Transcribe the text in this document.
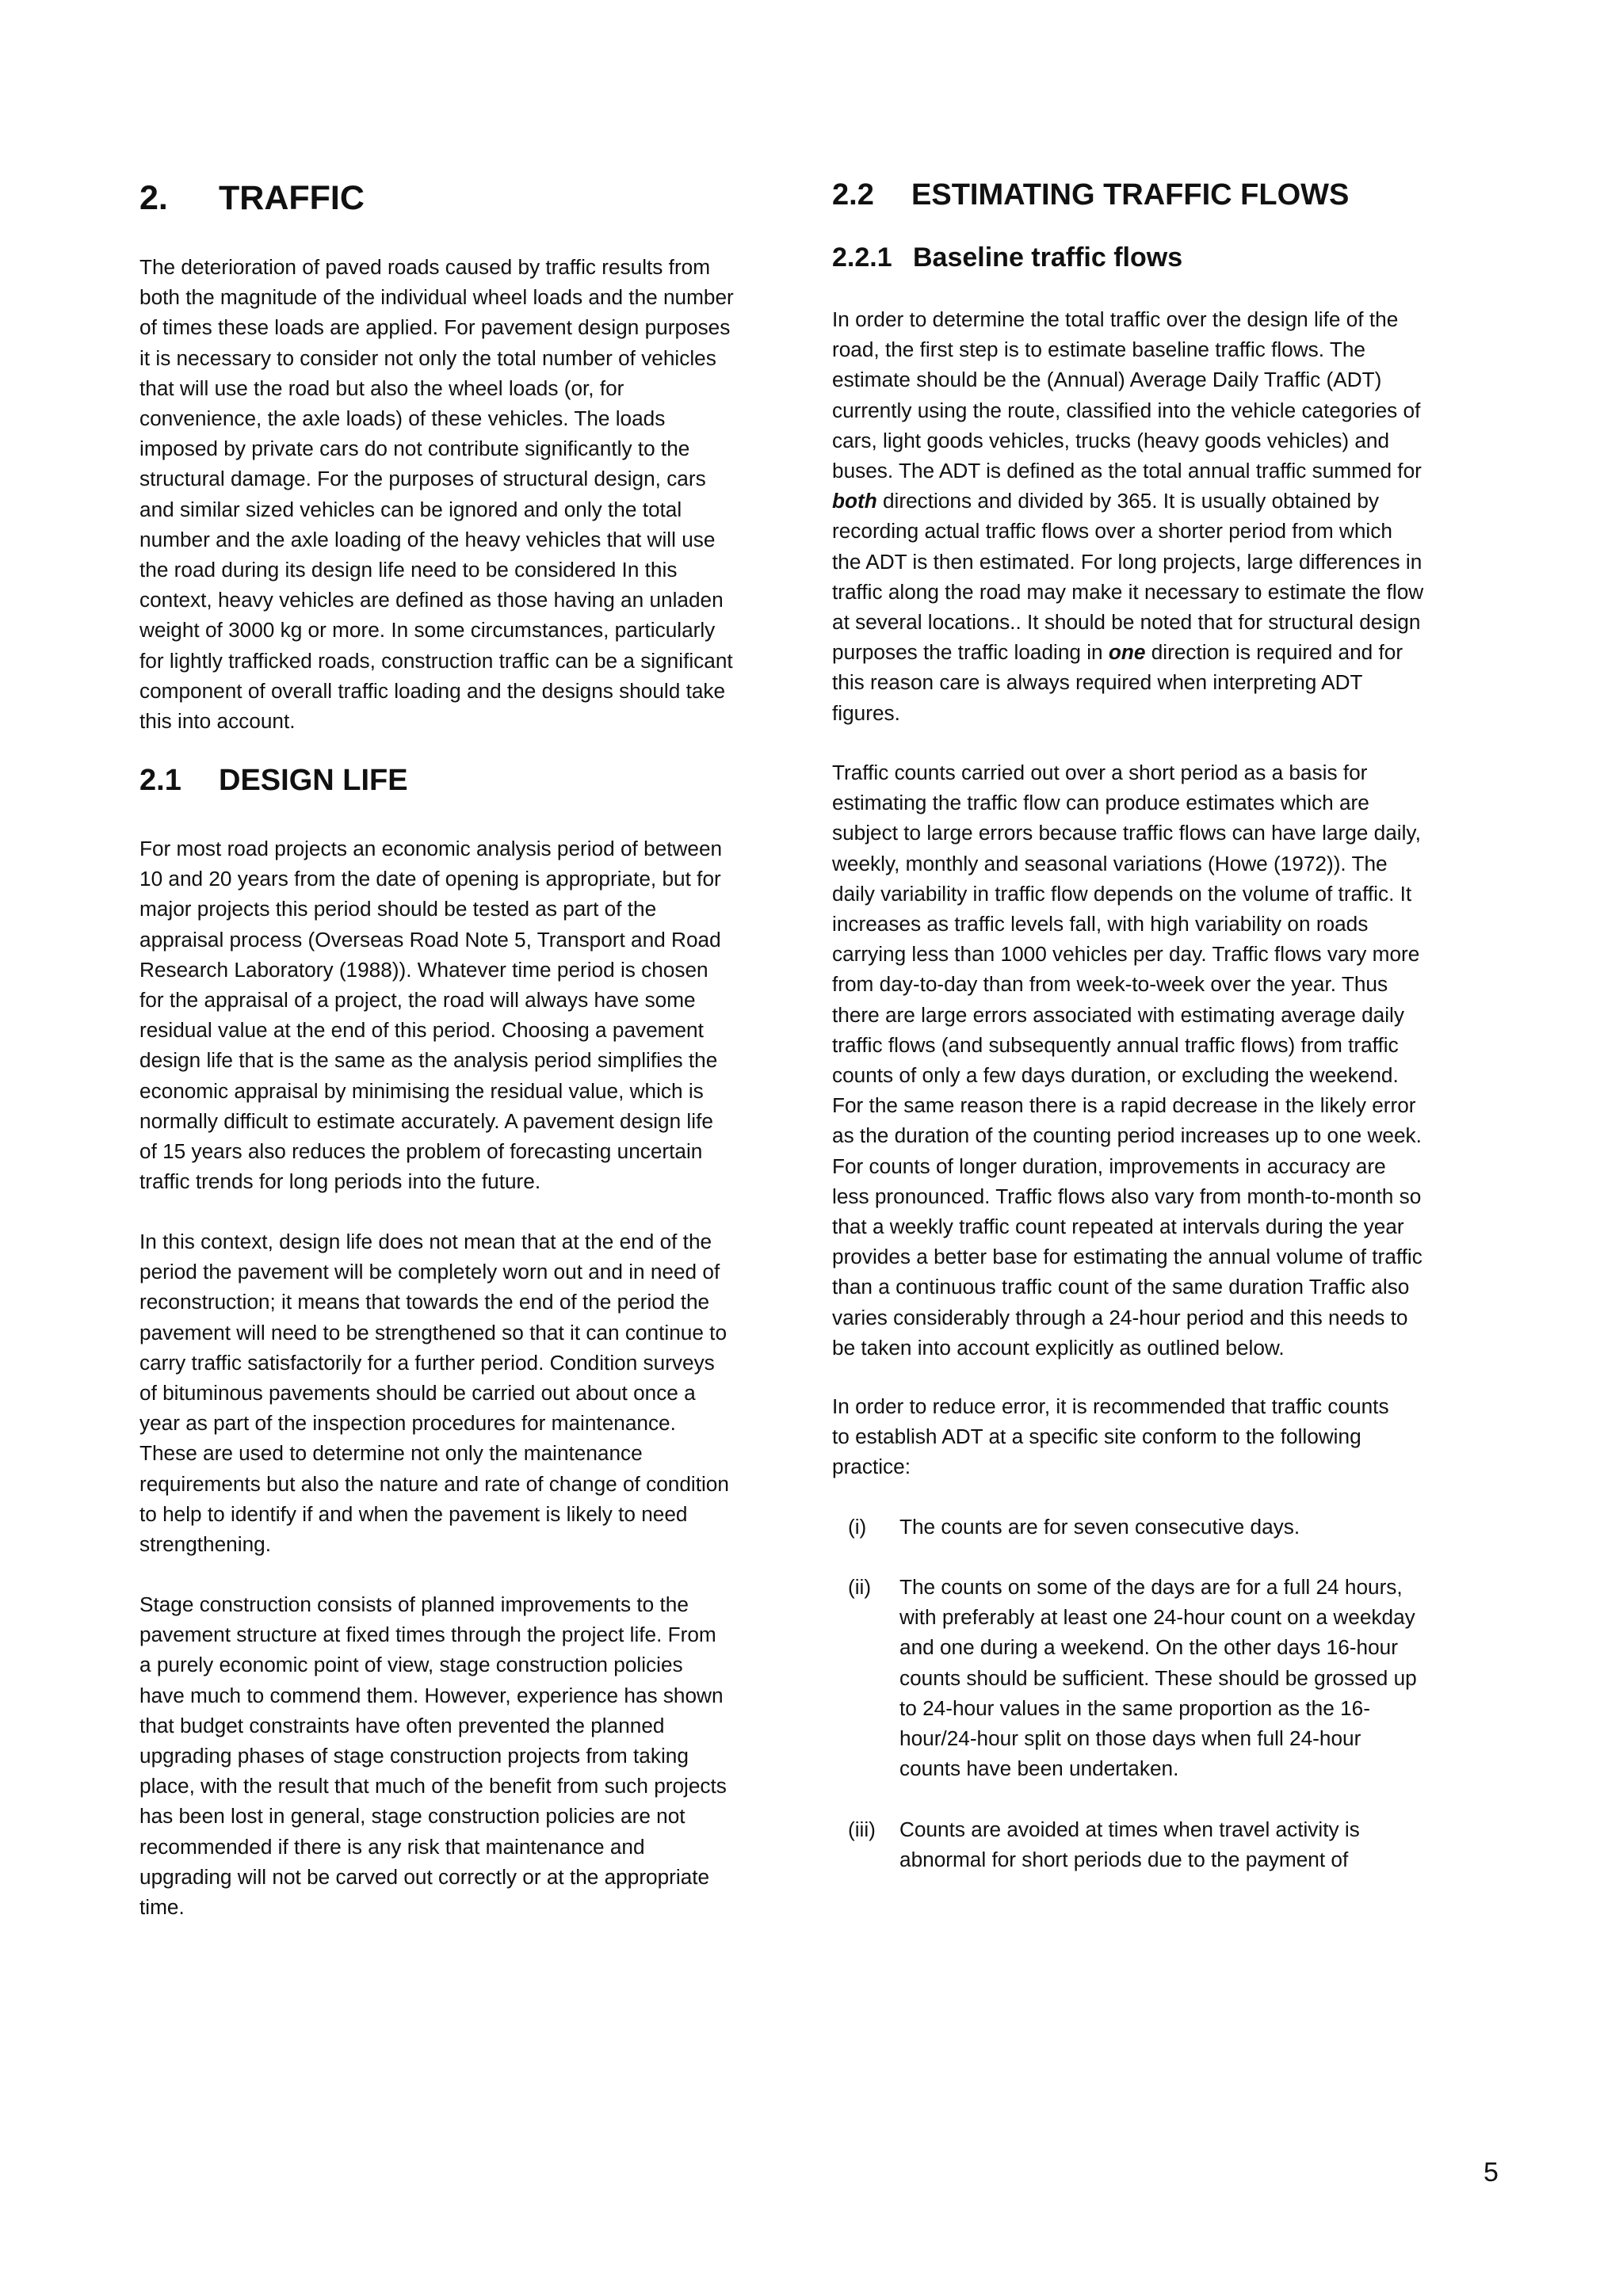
2. TRAFFIC

The deterioration of paved roads caused by traffic results from
both the magnitude of the individual wheel loads and the number
of times these loads are applied. For pavement design purposes
it is necessary to consider not only the total number of vehicles
that will use the road but also the wheel loads (or, for
convenience, the axle loads) of these vehicles. The loads
imposed by private cars do not contribute significantly to the
structural damage. For the purposes of structural design, cars
and similar sized vehicles can be ignored and only the total
number and the axle loading of the heavy vehicles that will use
the road during its design life need to be considered In this
context, heavy vehicles are defined as those having an unladen
weight of 3000 kg or more. In some circumstances, particularly
for lightly trafficked roads, construction traffic can be a significant
component of overall traffic loading and the designs should take
this into account.

2.1 DESIGN LIFE

For most road projects an economic analysis period of between
10 and 20 years from the date of opening is appropriate, but for
major projects this period should be tested as part of the
appraisal process (Overseas Road Note 5, Transport and Road
Research Laboratory (1988)). Whatever time period is chosen
for the appraisal of a project, the road will always have some
residual value at the end of this period. Choosing a pavement
design life that is the same as the analysis period simplifies the
economic appraisal by minimising the residual value, which is
normally difficult to estimate accurately. A pavement design life
of 15 years also reduces the problem of forecasting uncertain
traffic trends for long periods into the future.

In this context, design life does not mean that at the end of the
period the pavement will be completely worn out and in need of
reconstruction; it means that towards the end of the period the
pavement will need to be strengthened so that it can continue to
carry traffic satisfactorily for a further period. Condition surveys
of bituminous pavements should be carried out about once a
year as part of the inspection procedures for maintenance.
These are used to determine not only the maintenance
requirements but also the nature and rate of change of condition
to help to identify if and when the pavement is likely to need
strengthening.

Stage construction consists of planned improvements to the
pavement structure at fixed times through the project life. From
a purely economic point of view, stage construction policies
have much to commend them. However, experience has shown
that budget constraints have often prevented the planned
upgrading phases of stage construction projects from taking
place, with the result that much of the benefit from such projects
has been lost in general, stage construction policies are not
recommended if there is any risk that maintenance and
upgrading will not be carved out correctly or at the appropriate
time.

2.2 ESTIMATING TRAFFIC FLOWS
2.2.1 Baseline traffic flows

In order to determine the total traffic over the design life of the
road, the first step is to estimate baseline traffic flows. The
estimate should be the (Annual) Average Daily Traffic (ADT)
currently using the route, classified into the vehicle categories of
cars, light goods vehicles, trucks (heavy goods vehicles) and
buses. The ADT is defined as the total annual traffic summed for
both directions and divided by 365. It is usually obtained by
recording actual traffic flows over a shorter period from which
the ADT is then estimated. For long projects, large differences in
traffic along the road may make it necessary to estimate the flow
at several locations.. It should be noted that for structural design
purposes the traffic loading in one direction is required and for
this reason care is always required when interpreting ADT
figures.

Traffic counts carried out over a short period as a basis for
estimating the traffic flow can produce estimates which are
subject to large errors because traffic flows can have large daily,
weekly, monthly and seasonal variations (Howe (1972)). The
daily variability in traffic flow depends on the volume of traffic. It
increases as traffic levels fall, with high variability on roads
carrying less than 1000 vehicles per day. Traffic flows vary more
from day-to-day than from week-to-week over the year. Thus
there are large errors associated with estimating average daily
traffic flows (and subsequently annual traffic flows) from traffic
counts of only a few days duration, or excluding the weekend.
For the same reason there is a rapid decrease in the likely error
as the duration of the counting period increases up to one week.
For counts of longer duration, improvements in accuracy are
less pronounced. Traffic flows also vary from month-to-month so
that a weekly traffic count repeated at intervals during the year
provides a better base for estimating the annual volume of traffic
than a continuous traffic count of the same duration Traffic also
varies considerably through a 24-hour period and this needs to
be taken into account explicitly as outlined below.

In order to reduce error, it is recommended that traffic counts
to establish ADT at a specific site conform to the following
practice:

(i) The counts are for seven consecutive days.

(ii) The counts on some of the days are for a full 24 hours,
with preferably at least one 24-hour count on a weekday
and one during a weekend. On the other days 16-hour
counts should be sufficient. These should be grossed up
to 24-hour values in the same proportion as the 16-
hour/24-hour split on those days when full 24-hour
counts have been undertaken.

(iii) Counts are avoided at times when travel activity is
abnormal for short periods due to the payment of

5
